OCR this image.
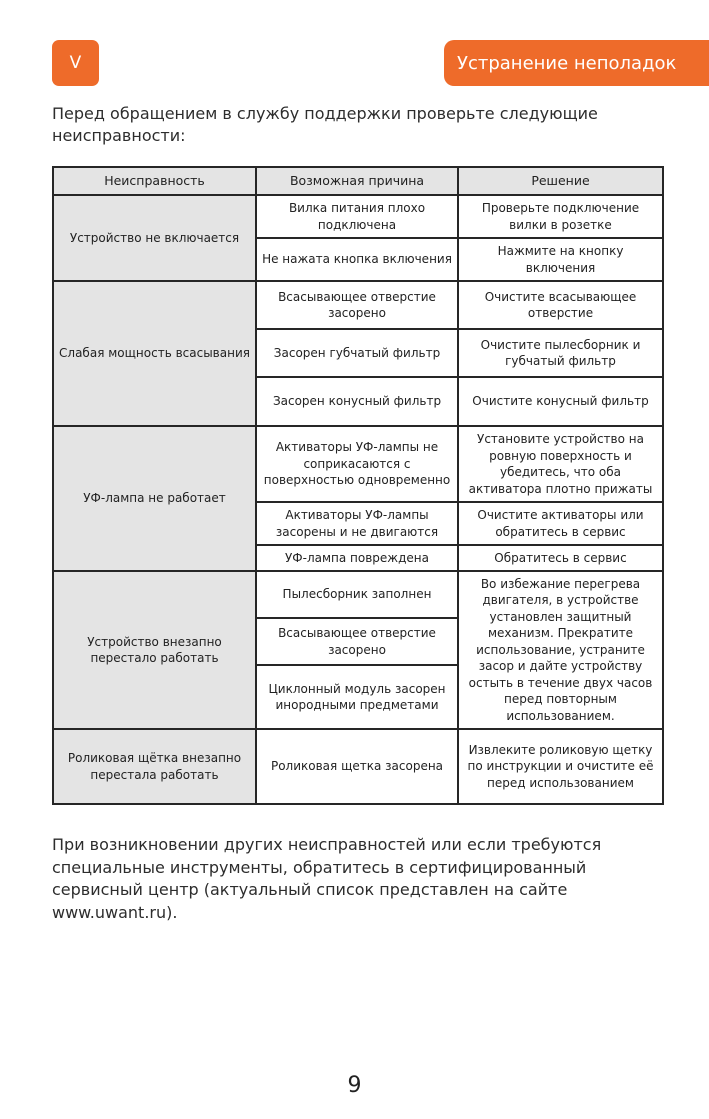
V	Устранение неполадок

Перед обращением в службу поддержки проверьте следующие неисправности:

Неисправность	Возможная причина	Решение
Устройство не включается	Вилка питания плохо подключена	Проверьте подключение вилки в розетке
	Не нажата кнопка включения	Нажмите на кнопку включения
Слабая мощность всасывания	Всасывающее отверстие засорено	Очистите всасывающее отверстие
	Засорен губчатый фильтр	Очистите пылесборник и губчатый фильтр
	Засорен конусный фильтр	Очистите конусный фильтр
УФ-лампа не работает	Активаторы УФ-лампы не соприкасаются с поверхностью одновременно	Установите устройство на ровную поверхность и убедитесь, что оба активатора плотно прижаты
	Активаторы УФ-лампы засорены и не двигаются	Очистите активаторы или обратитесь в сервис
	УФ-лампа повреждена	Обратитесь в сервис
Устройство внезапно перестало работать	Пылесборник заполнен	Во избежание перегрева двигателя, в устройстве установлен защитный механизм. Прекратите использование, устраните засор и дайте устройству остыть в течение двух часов перед повторным использованием.
	Всасывающее отверстие засорено	
	Циклонный модуль засорен инородными предметами	
Роликовая щётка внезапно перестала работать	Роликовая щетка засорена	Извлеките роликовую щетку по инструкции и очистите её перед использованием

При возникновении других неисправностей или если требуются специальные инструменты, обратитесь в сертифицированный сервисный центр (актуальный список представлен на сайте www.uwant.ru).

9
